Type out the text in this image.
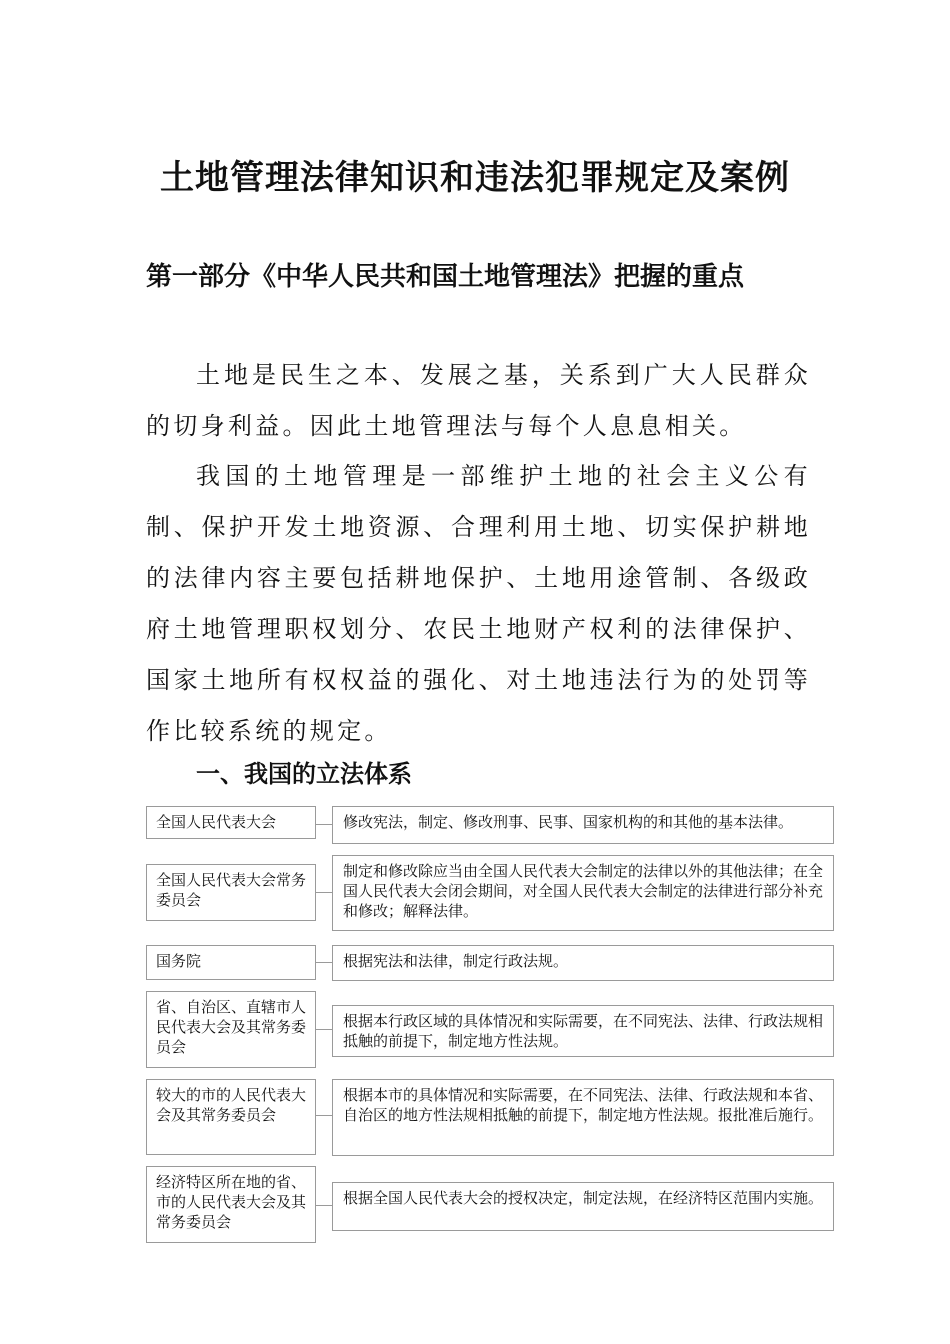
土地管理法律知识和违法犯罪规定及案例
第一部分《中华人民共和国土地管理法》把握的重点

土地是民生之本、发展之基，关系到广大人民群众的切身利益。因此土地管理法与每个人息息相关。

我国的土地管理是一部维护土地的社会主义公有制、保护开发土地资源、合理利用土地、切实保护耕地的法律内容主要包括耕地保护、土地用途管制、各级政府土地管理职权划分、农民土地财产权利的法律保护、国家土地所有权权益的强化、对土地违法行为的处罚等作比较系统的规定。

一、我国的立法体系
全国人民代表大会	修改宪法，制定、修改刑事、民事、国家机构的和其他的基本法律。
全国人民代表大会常务委员会
制定和修改除应当由全国人民代表大会制定的法律以外的其他法律；在全国人民代表大会闭会期间，对全国人民代表大会制定的法律进行部分补充和修改；解释法律。
国务院	根据宪法和法律，制定行政法规。
省、自治区、直辖市人民代表大会及其常务委员会
根据本行政区域的具体情况和实际需要，在不同宪法、法律、行政法规相抵触的前提下，制定地方性法规。
较大的市的人民代表大会及其常务委员会
根据本市的具体情况和实际需要，在不同宪法、法律、行政法规和本省、自治区的地方性法规相抵触的前提下，制定地方性法规。报批准后施行。
经济特区所在地的省、市的人民代表大会及其常务委员会
根据全国人民代表大会的授权决定，制定法规，在经济特区范围内实施。
